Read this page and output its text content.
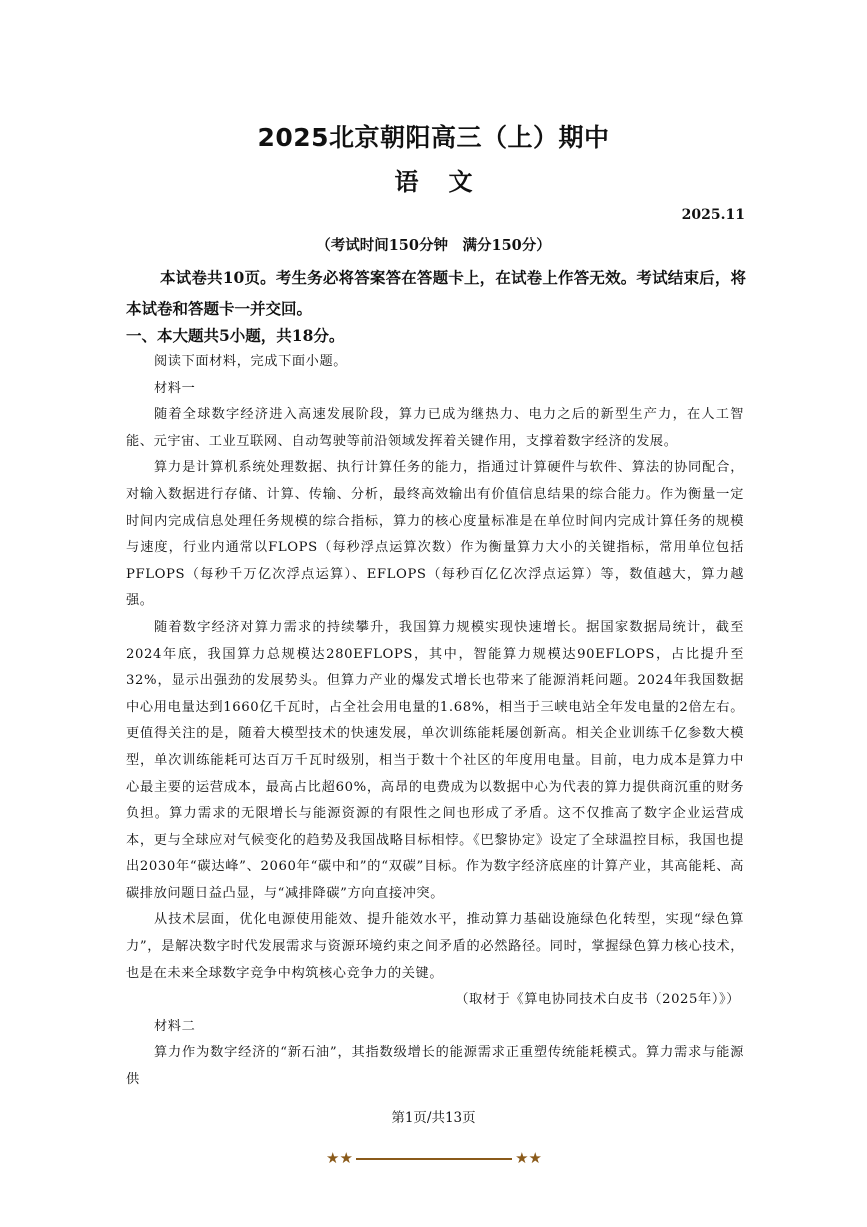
2025北京朝阳高三（上）期中
语文
2025.11
（考试时间150分钟　满分150分）
本试卷共10页。考生务必将答案答在答题卡上，在试卷上作答无效。考试结束后，将本试卷和答题卡一并交回。
一、本大题共5小题，共18分。

阅读下面材料，完成下面小题。

材料一

随着全球数字经济进入高速发展阶段，算力已成为继热力、电力之后的新型生产力，在人工智能、元宇宙、工业互联网、自动驾驶等前沿领域发挥着关键作用，支撑着数字经济的发展。

算力是计算机系统处理数据、执行计算任务的能力，指通过计算硬件与软件、算法的协同配合，对输入数据进行存储、计算、传输、分析，最终高效输出有价值信息结果的综合能力。作为衡量一定时间内完成信息处理任务规模的综合指标，算力的核心度量标准是在单位时间内完成计算任务的规模与速度，行业内通常以FLOPS（每秒浮点运算次数）作为衡量算力大小的关键指标，常用单位包括PFLOPS（每秒千万亿次浮点运算）、EFLOPS（每秒百亿亿次浮点运算）等，数值越大，算力越强。

随着数字经济对算力需求的持续攀升，我国算力规模实现快速增长。据国家数据局统计，截至2024年底，我国算力总规模达280EFLOPS，其中，智能算力规模达90EFLOPS，占比提升至32%，显示出强劲的发展势头。但算力产业的爆发式增长也带来了能源消耗问题。2024年我国数据中心用电量达到1660亿千瓦时，占全社会用电量的1.68%，相当于三峡电站全年发电量的2倍左右。更值得关注的是，随着大模型技术的快速发展，单次训练能耗屡创新高。相关企业训练千亿参数大模型，单次训练能耗可达百万千瓦时级别，相当于数十个社区的年度用电量。目前，电力成本是算力中心最主要的运营成本，最高占比超60%，高昂的电费成为以数据中心为代表的算力提供商沉重的财务负担。算力需求的无限增长与能源资源的有限性之间也形成了矛盾。这不仅推高了数字企业运营成本，更与全球应对气候变化的趋势及我国战略目标相悖。《巴黎协定》设定了全球温控目标，我国也提出2030年“碳达峰”、2060年“碳中和”的“双碳”目标。作为数字经济底座的计算产业，其高能耗、高碳排放问题日益凸显，与“减排降碳”方向直接冲突。

从技术层面，优化电源使用能效、提升能效水平，推动算力基础设施绿色化转型，实现“绿色算力”，是解决数字时代发展需求与资源环境约束之间矛盾的必然路径。同时，掌握绿色算力核心技术，也是在未来全球数字竞争中构筑核心竞争力的关键。

（取材于《算电协同技术白皮书（2025年）》）

材料二

算力作为数字经济的“新石油”，其指数级增长的能源需求正重塑传统能耗模式。算力需求与能源供

第1页/共13页
★★	★★
